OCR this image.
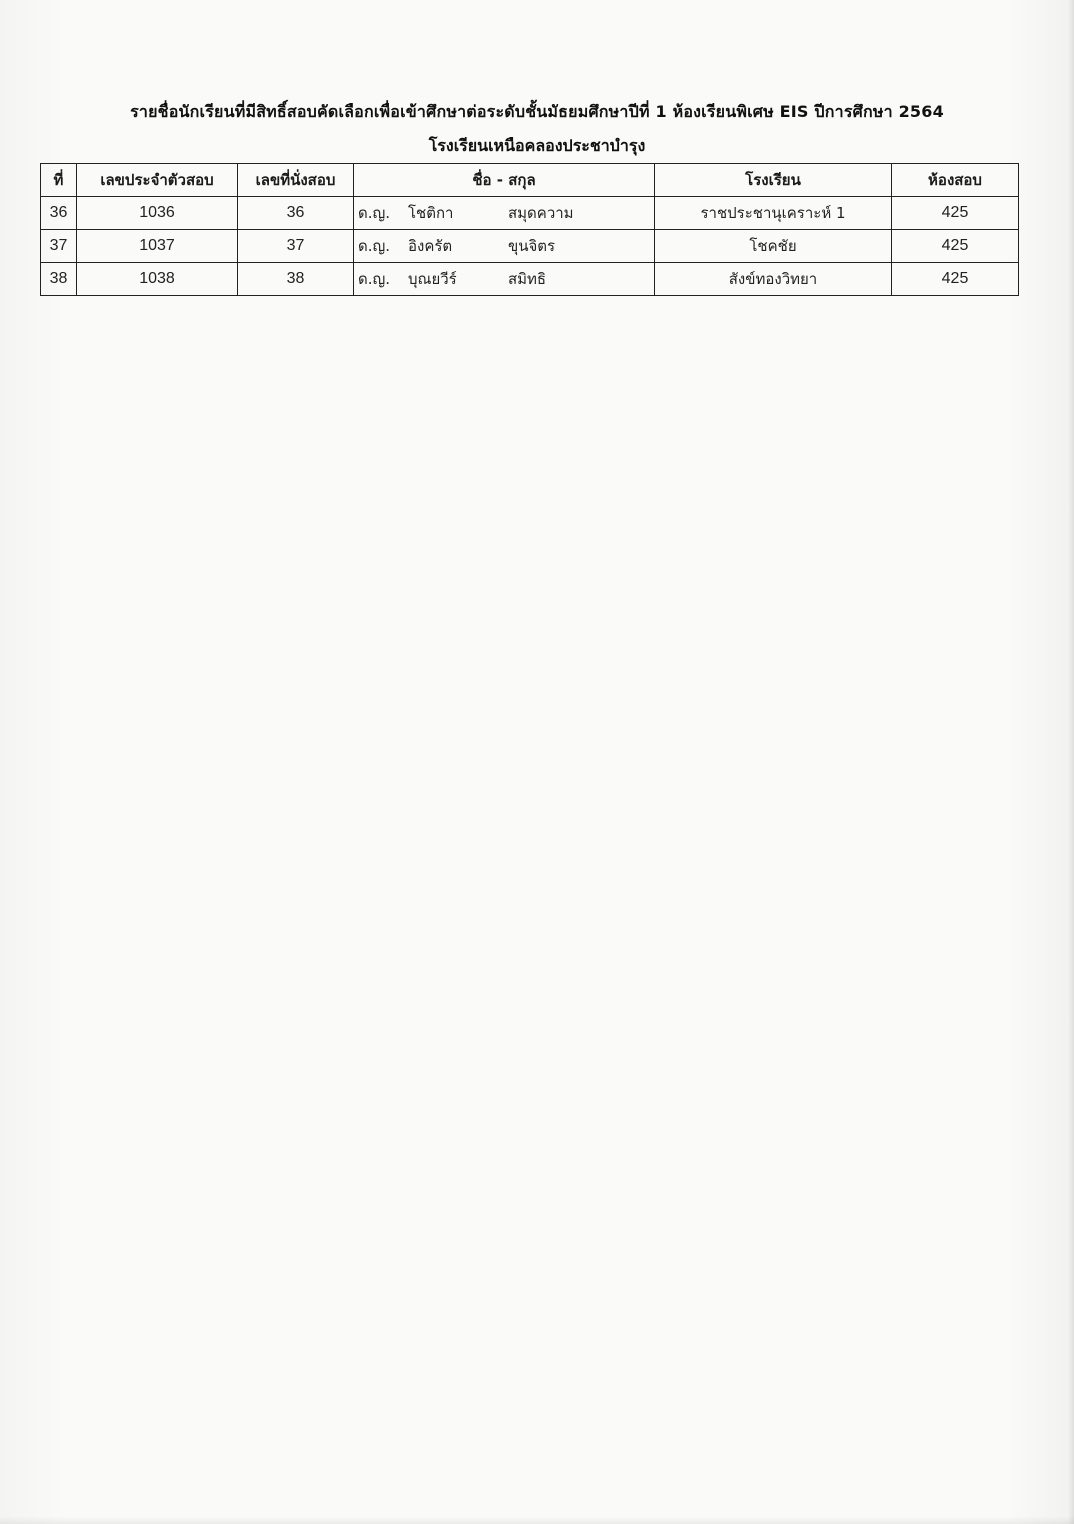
รายชื่อนักเรียนที่มีสิทธิ์สอบคัดเลือกเพื่อเข้าศึกษาต่อระดับชั้นมัธยมศึกษาปีที่ 1 ห้องเรียนพิเศษ EIS ปีการศึกษา 2564
โรงเรียนเหนือคลองประชาบำรุง
ที่	เลขประจำตัวสอบ	เลขที่นั่งสอบ	ชื่อ - สกุล	โรงเรียน	ห้องสอบ
36	1036	36	ด.ญ. โชติกา สมุดความ	ราชประชานุเคราะห์ 1	425
37	1037	37	ด.ญ. อิงครัต ขุนจิตร	โชคชัย	425
38	1038	38	ด.ญ. บุณยวีร์ สมิทธิ	สังข์ทองวิทยา	425
